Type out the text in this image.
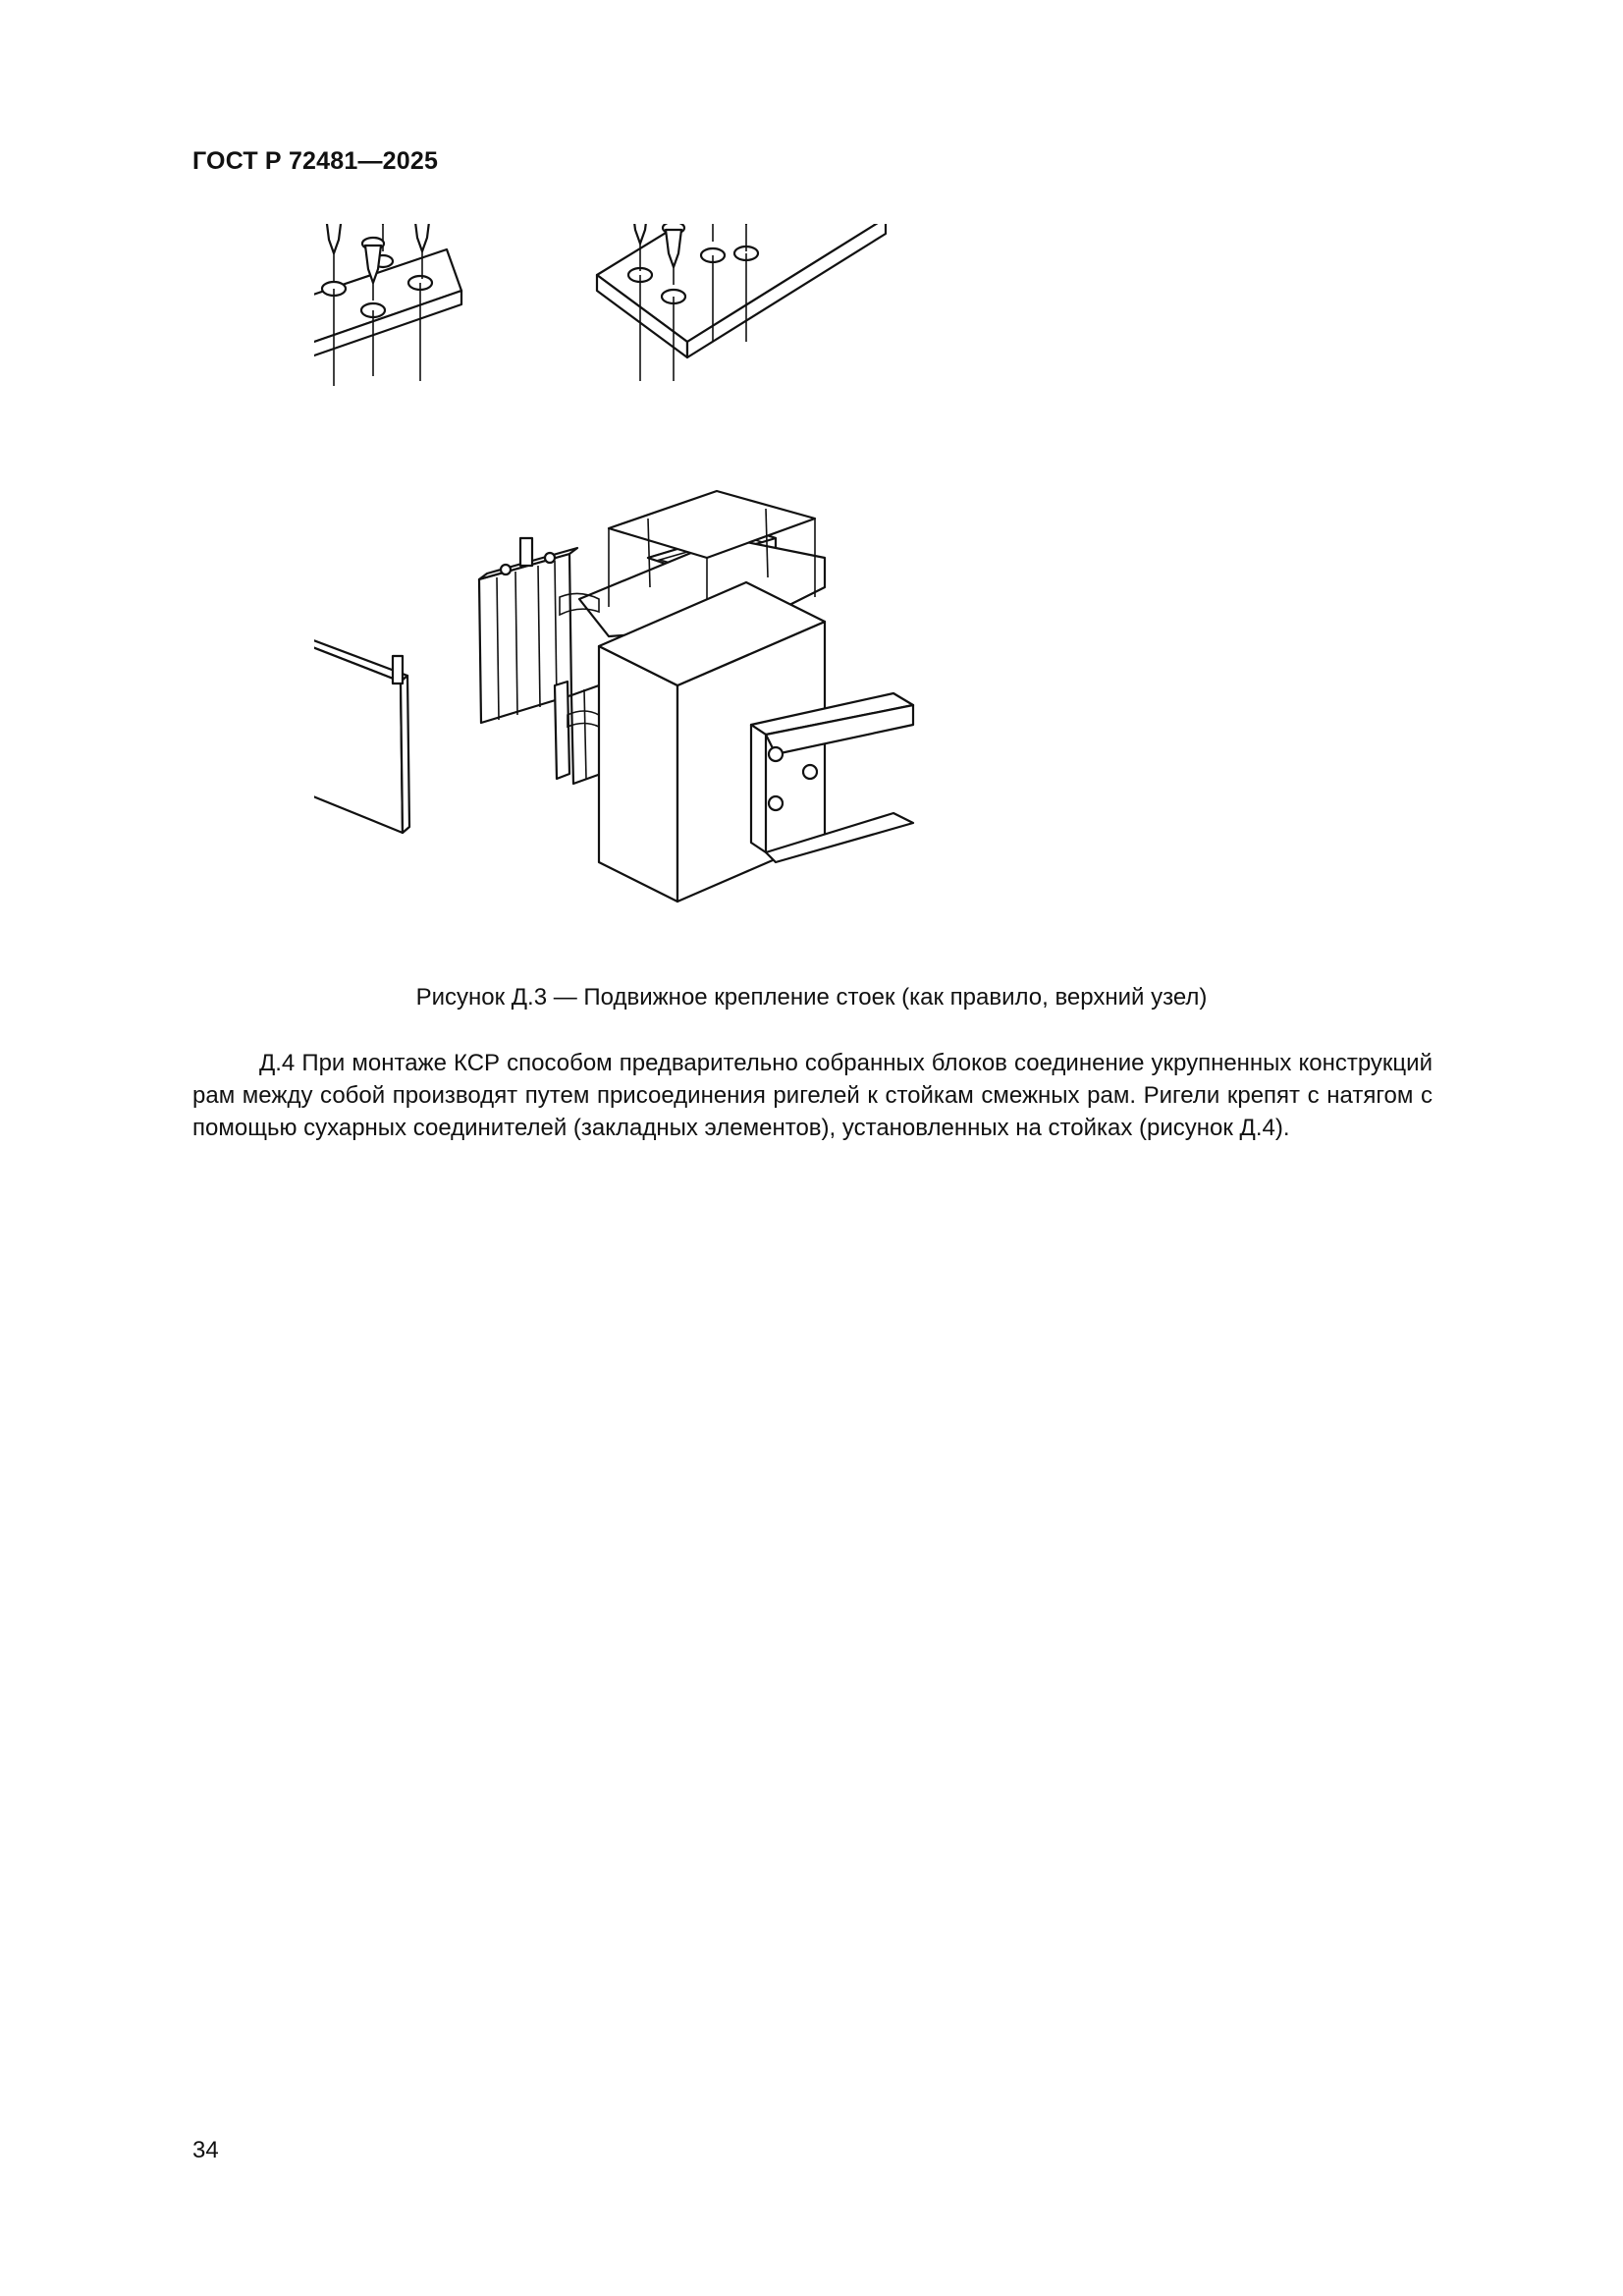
ГОСТ Р 72481—2025
Рисунок Д.3 — Подвижное крепление стоек (как правило, верхний узел)

Д.4 При монтаже КСР способом предварительно собранных блоков соединение укрупненных конструкций рам между собой производят путем присоединения ригелей к стойкам смежных рам. Ригели крепят с натягом с помощью сухарных соединителей (закладных элементов), установленных на стойках (рисунок Д.4).

34
